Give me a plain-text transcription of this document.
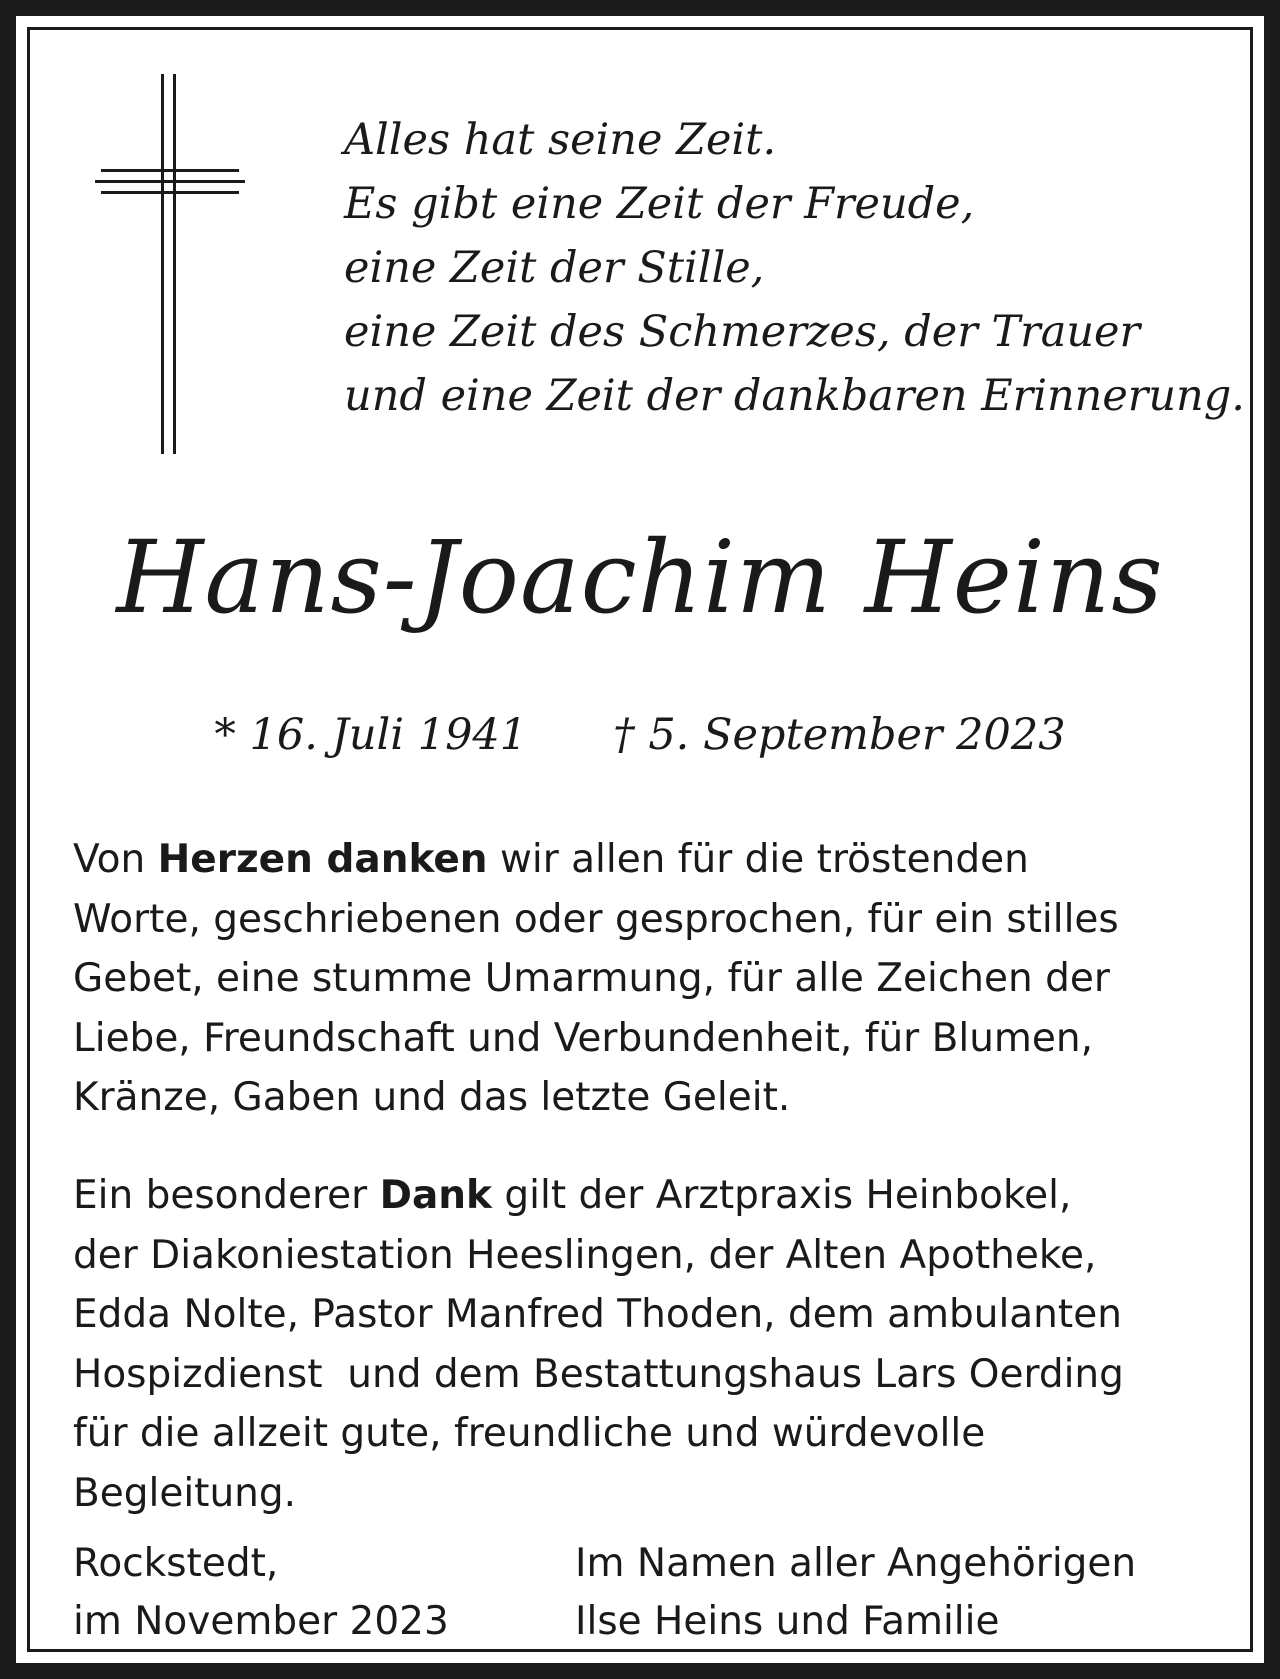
Alles hat seine Zeit.
Es gibt eine Zeit der Freude,
eine Zeit der Stille,
eine Zeit des Schmerzes, der Trauer
und eine Zeit der dankbaren Erinnerung.
Hans-Joachim Heins
* 16. Juli 1941 † 5. September 2023
Von Herzen danken wir allen für die tröstenden
Worte, geschriebenen oder gesprochen, für ein stilles
Gebet, eine stumme Umarmung, für alle Zeichen der
Liebe, Freundschaft und Verbundenheit, für Blumen,
Kränze, Gaben und das letzte Geleit.
Ein besonderer Dank gilt der Arztpraxis Heinbokel,
der Diakoniestation Heeslingen, der Alten Apotheke,
Edda Nolte, Pastor Manfred Thoden, dem ambulanten
Hospizdienst  und dem Bestattungshaus Lars Oerding
für die allzeit gute, freundliche und würdevolle
Begleitung.
Rockstedt,
im November 2023
Im Namen aller Angehörigen
Ilse Heins und Familie
